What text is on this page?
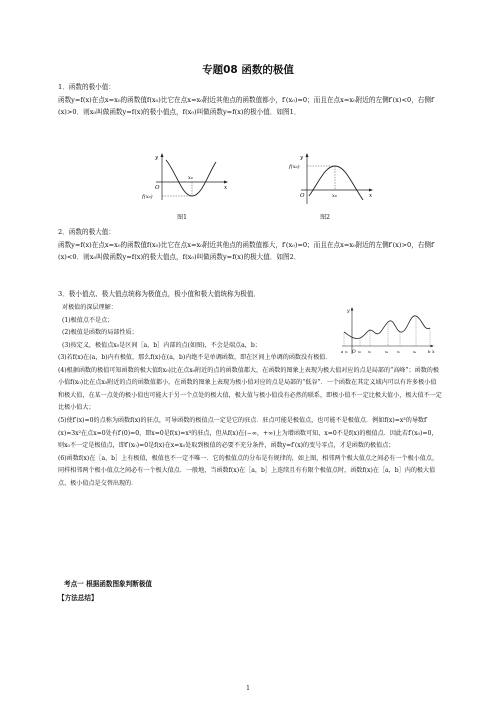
专题08 函数的极值
1．函数的极小值：
函数y=f(x)在点x=x₀的函数值f(x₀)比它在点x=x₀附近其他点的函数值都小，f′(x₀)=0；而且在点x=x₀附近的左侧f′(x)<0，右侧f′(x)>0．则x₀叫做函数y=f(x)的极小值点，f(x₀)叫做函数y=f(x)的极小值．如图1．
y
x
O
x₀
f(x₀)
图1
y
x
O	x₀
f(x₀)
图2
2．函数的极大值：
函数y=f(x)在点x=x₀的函数值f(x₀)比它在点x=x₀附近其他点的函数值都大，f′(x₀)=0；而且在点x=x₀附近的左侧f′(x)>0，右侧f′(x)<0．则x₀叫做函数y=f(x)的极大值点，f(x₀)叫做函数y=f(x)的极大值．如图2．
3．极小值点、极大值点统称为极值点，极小值和极大值统称为极值．
对极值的深层理解：
(1)极值点不是点；
(2)极值是函数的局部性质；
(3)按定义，极值点x₀是区间［a，b］内部的点(如图)，不会是端点a，b；
y
x
O
a x₁	x₂ x₃	x₄	x₅	x₆	b
(3)若f(x)在(a，b)内有极值，那么f(x)在(a，b)内绝不是单调函数，即在区间上单调的函数没有极值．
(4)根据函数的极值可知函数的极大值f(x₀)比在点x₀附近的点的函数值都大，在函数的图象上表现为极大值对应的点是局部的“高峰”；函数的极小值f(x₀)比在点x₀附近的点的函数值都小，在函数的图象上表现为极小值对应的点是局部的“低谷”．一个函数在其定义域内可以有许多极小值和极大值，在某一点处的极小值也可能大于另一个点处的极大值，极大值与极小值没有必然的联系，即极小值不一定比极大值小，极大值不一定比极小值大；
(5)使f′(x)=0的点称为函数f(x)的驻点，可导函数的极值点一定是它的驻点．驻点可能是极值点，也可能不是极值点．例如f(x)=x³的导数f′(x)=3x²在点x=0处有f′(0)=0，即x=0是f(x)=x³的驻点，但从f(x)在(−∞，+∞)上为增函数可知，x=0不是f(x)的极值点．因此若f′(x₀)=0，则x₀不一定是极值点，即f′(x₀)=0是f(x)在x=x₀处取到极值的必要不充分条件，函数y=f′(x)的变号零点，才是函数的极值点；
(6)函数f(x)在［a，b］上有极值，极值也不一定不唯一．它的极值点的分布是有规律的，如上图，相邻两个极大值点之间必有一个极小值点，同样相邻两个极小值点之间必有一个极大值点．一般地，当函数f(x)在［a，b］上连续且有有限个极值点时，函数f(x)在［a，b］内的极大值点、极小值点是交替出现的．
考点一 根据函数图象判断极值
【方法总结】
1
